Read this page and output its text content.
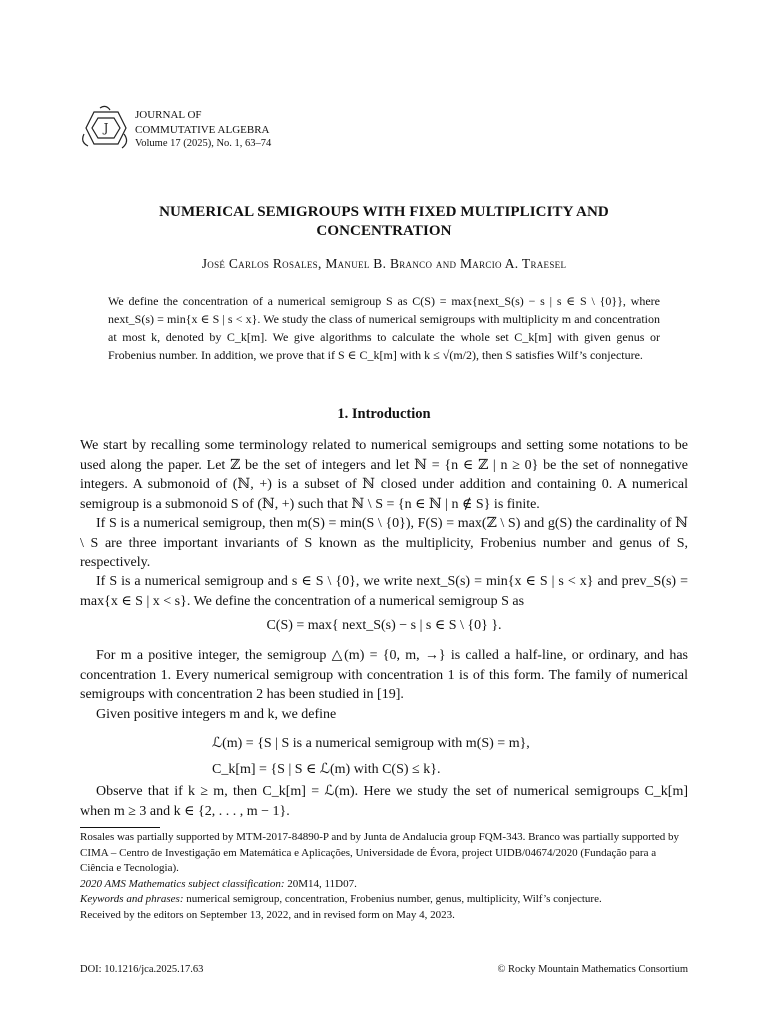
J
JOURNAL OF
COMMUTATIVE ALGEBRA
Volume 17 (2025), No. 1, 63–74
NUMERICAL SEMIGROUPS WITH FIXED MULTIPLICITY AND
CONCENTRATION
José Carlos Rosales, Manuel B. Branco and Marcio A. Traesel
We define the concentration of a numerical semigroup S as C(S) = max{next_S(s) − s | s ∈ S \ {0}}, where next_S(s) = min{x ∈ S | s < x}. We study the class of numerical semigroups with multiplicity m and concentration at most k, denoted by C_k[m]. We give algorithms to calculate the whole set C_k[m] with given genus or Frobenius number. In addition, we prove that if S ∈ C_k[m] with k ≤ √(m/2), then S satisfies Wilf’s conjecture.
1. Introduction
We start by recalling some terminology related to numerical semigroups and setting some notations to be used along the paper. Let ℤ be the set of integers and let ℕ = {n ∈ ℤ | n ≥ 0} be the set of nonnegative integers. A submonoid of (ℕ, +) is a subset of ℕ closed under addition and containing 0. A numerical semigroup is a submonoid S of (ℕ, +) such that ℕ \ S = {n ∈ ℕ | n ∉ S} is finite.
If S is a numerical semigroup, then m(S) = min(S \ {0}), F(S) = max(ℤ \ S) and g(S) the cardinality of ℕ \ S are three important invariants of S known as the multiplicity, Frobenius number and genus of S, respectively.
If S is a numerical semigroup and s ∈ S \ {0}, we write next_S(s) = min{x ∈ S | s < x} and prev_S(s) = max{x ∈ S | x < s}. We define the concentration of a numerical semigroup S as
C(S) = max{ next_S(s) − s | s ∈ S \ {0} }.
For m a positive integer, the semigroup △(m) = {0, m, →} is called a half-line, or ordinary, and has concentration 1. Every numerical semigroup with concentration 1 is of this form. The family of numerical semigroups with concentration 2 has been studied in [19].
Given positive integers m and k, we define
ℒ(m) = {S | S is a numerical semigroup with m(S) = m},
C_k[m] = {S | S ∈ ℒ(m) with C(S) ≤ k}.
Observe that if k ≥ m, then C_k[m] = ℒ(m). Here we study the set of numerical semigroups C_k[m] when m ≥ 3 and k ∈ {2, . . . , m − 1}.

Rosales was partially supported by MTM-2017-84890-P and by Junta de Andalucia group FQM-343. Branco was partially supported by CIMA – Centro de Investigação em Matemática e Aplicações, Universidade de Évora, project UIDB/04674/2020 (Fundação para a Ciência e Tecnologia).

2020 AMS Mathematics subject classification: 20M14, 11D07.

Keywords and phrases: numerical semigroup, concentration, Frobenius number, genus, multiplicity, Wilf’s conjecture.

Received by the editors on September 13, 2022, and in revised form on May 4, 2023.

DOI: 10.1216/jca.2025.17.63	© Rocky Mountain Mathematics Consortium
